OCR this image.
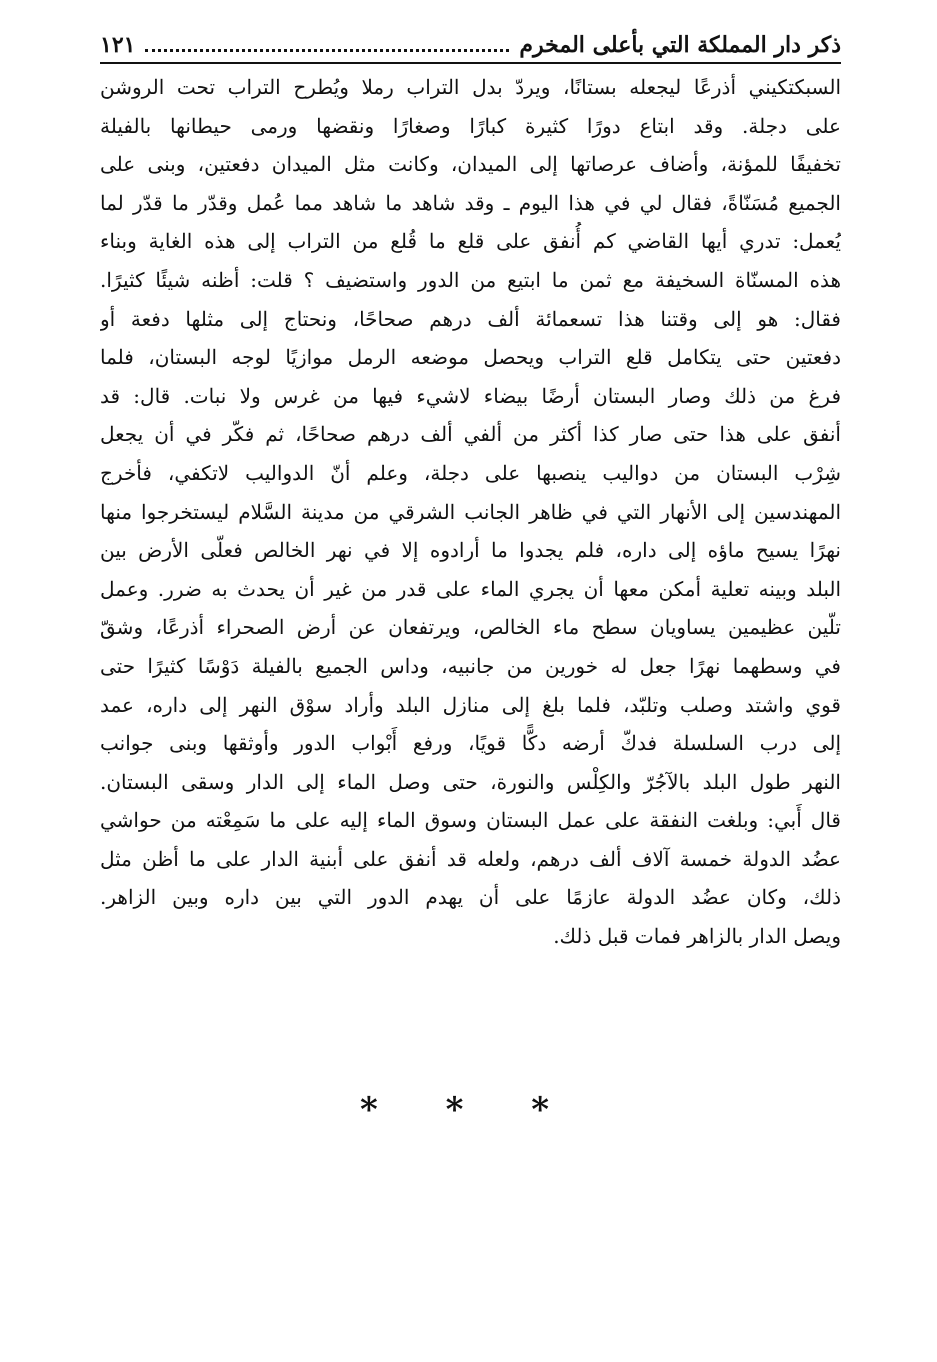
ذكر دار المملكة التي بأعلى المخرم
١٢١
السبكتكيني أذرعًا ليجعله بستانًا، ويردّ بدل التراب رملا ويُطرح التراب تحت الروشن
على دجلة. وقد ابتاع دورًا كثيرة كبارًا وصغارًا ونقضها ورمى حيطانها بالفيلة
تخفيفًا للمؤنة، وأضاف عرصاتها إلى الميدان، وكانت مثل الميدان دفعتين، وبنى على
الجميع مُسَنّاةً، فقال لي في هذا اليوم ـ وقد شاهد ما شاهد مما عُمل وقدّر ما قدّر لما
يُعمل: تدري أيها القاضي كم أُنفق على قلع ما قُلع من التراب إلى هذه الغاية وبناء
هذه المسنّاة السخيفة مع ثمن ما ابتيع من الدور واستضيف ؟ قلت: أظنه شيئًا كثيرًا.
فقال: هو إلى وقتنا هذا تسعمائة ألف درهم صحاحًا، ونحتاج إلى مثلها دفعة أو
دفعتين حتى يتكامل قلع التراب ويحصل موضعه الرمل موازيًا لوجه البستان، فلما
فرغ من ذلك وصار البستان أرضًا بيضاء لاشيء فيها من غرس ولا نبات. قال: قد
أنفق على هذا حتى صار كذا أكثر من ألفي ألف درهم صحاحًا، ثم فكّر في أن يجعل
شِرْب البستان من دواليب ينصبها على دجلة، وعلم أنّ الدواليب لاتكفي، فأخرج
المهندسين إلى الأنهار التي في ظاهر الجانب الشرقي من مدينة السَّلام ليستخرجوا منها
نهرًا يسيح ماؤه إلى داره، فلم يجدوا ما أرادوه إلا في نهر الخالص فعلّى الأرض بين
البلد وبينه تعلية أمكن معها أن يجري الماء على قدر من غير أن يحدث به ضرر. وعمل
تلّين عظيمين يساويان سطح ماء الخالص، ويرتفعان عن أرض الصحراء أذرعًا، وشقّ
في وسطهما نهرًا جعل له خورين من جانبيه، وداس الجميع بالفيلة دَوْسًا كثيرًا حتى
قوي واشتد وصلب وتلبّد، فلما بلغ إلى منازل البلد وأراد سوْق النهر إلى داره، عمد
إلى درب السلسلة فدكّ أرضه دكًّا قويًا، ورفع أَبْواب الدور وأوثقها وبنى جوانب
النهر طول البلد بالآجُرّ والكِلْس والنورة، حتى وصل الماء إلى الدار وسقى البستان.
قال أَبي: وبلغت النفقة على عمل البستان وسوق الماء إليه على ما سَمِعْته من حواشي
عضُد الدولة خمسة آلاف ألف درهم، ولعله قد أنفق على أبنية الدار على ما أظن مثل
ذلك، وكان عضُد الدولة عازمًا على أن يهدم الدور التي بين داره وبين الزاهر.
ويصل الدار بالزاهر فمات قبل ذلك.
* * *
